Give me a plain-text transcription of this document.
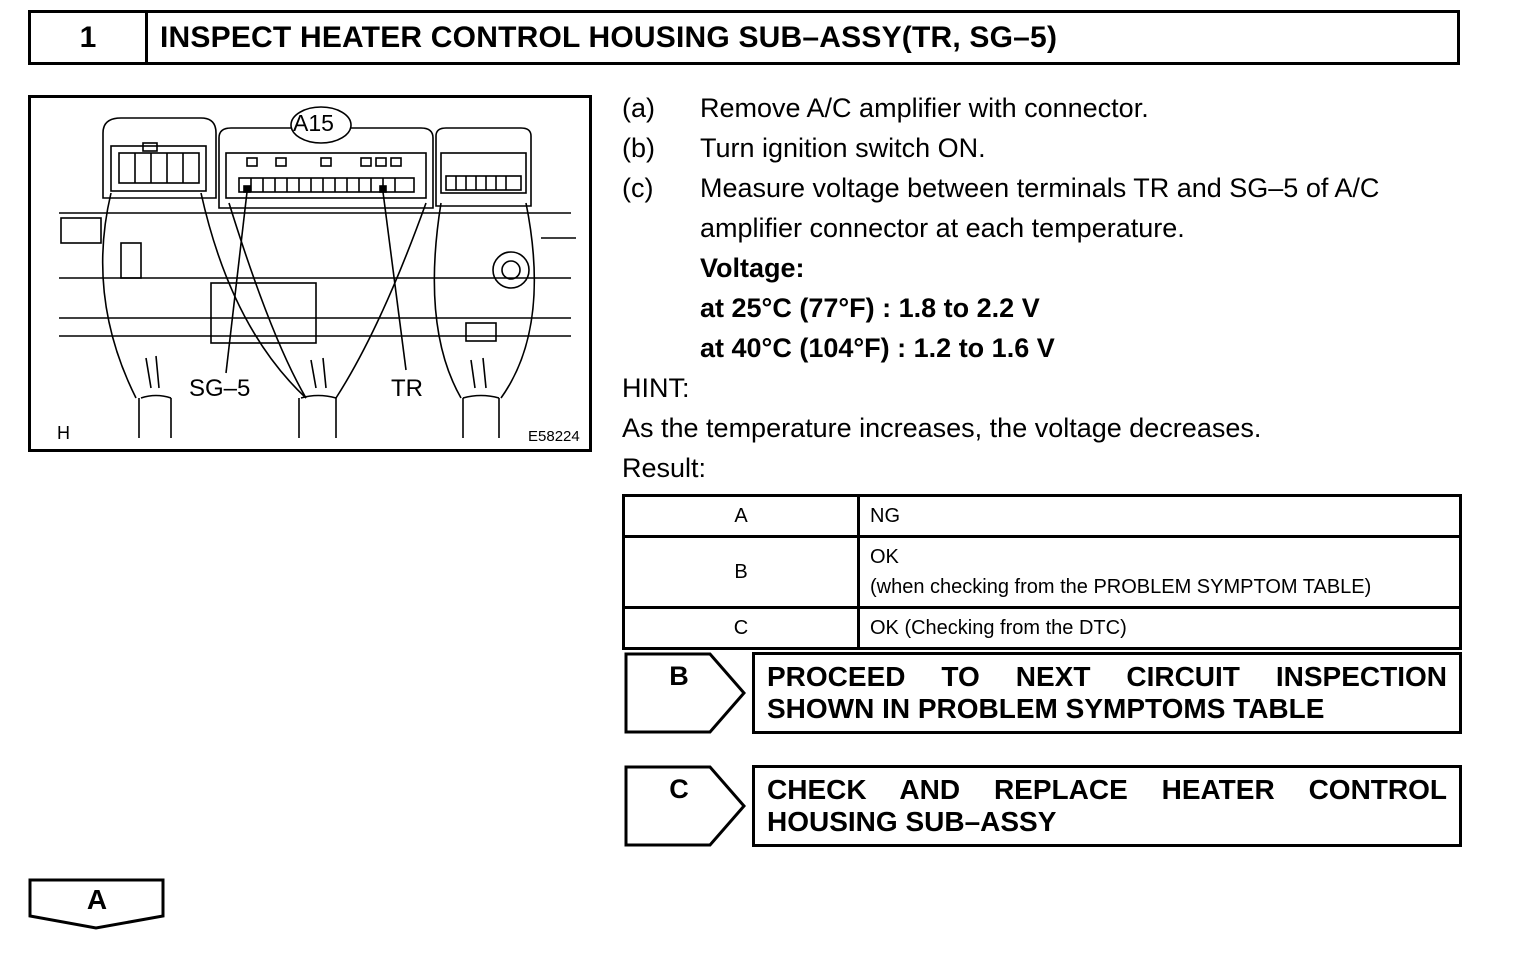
1	INSPECT HEATER CONTROL HOUSING SUB–ASSY(TR, SG–5)
A15
SG–5	TR
H	E58224
(a)	Remove A/C amplifier with connector.
(b)	Turn ignition switch ON.
(c)	Measure voltage between terminals TR and SG–5 of A/C amplifier connector at each temperature.
Voltage:
at 25°C (77°F) : 1.8 to 2.2 V
at 40°C (104°F) : 1.2 to 1.6 V
HINT:
As the temperature increases, the voltage decreases.
Result:
A	NG
B	OK
(when checking from the PROBLEM SYMPTOM TABLE)

C	OK (Checking from the DTC)
B	PROCEED TO NEXT CIRCUIT INSPECTION SHOWN IN PROBLEM SYMPTOMS TABLE
C	CHECK AND REPLACE HEATER CONTROL HOUSING SUB–ASSY
A
